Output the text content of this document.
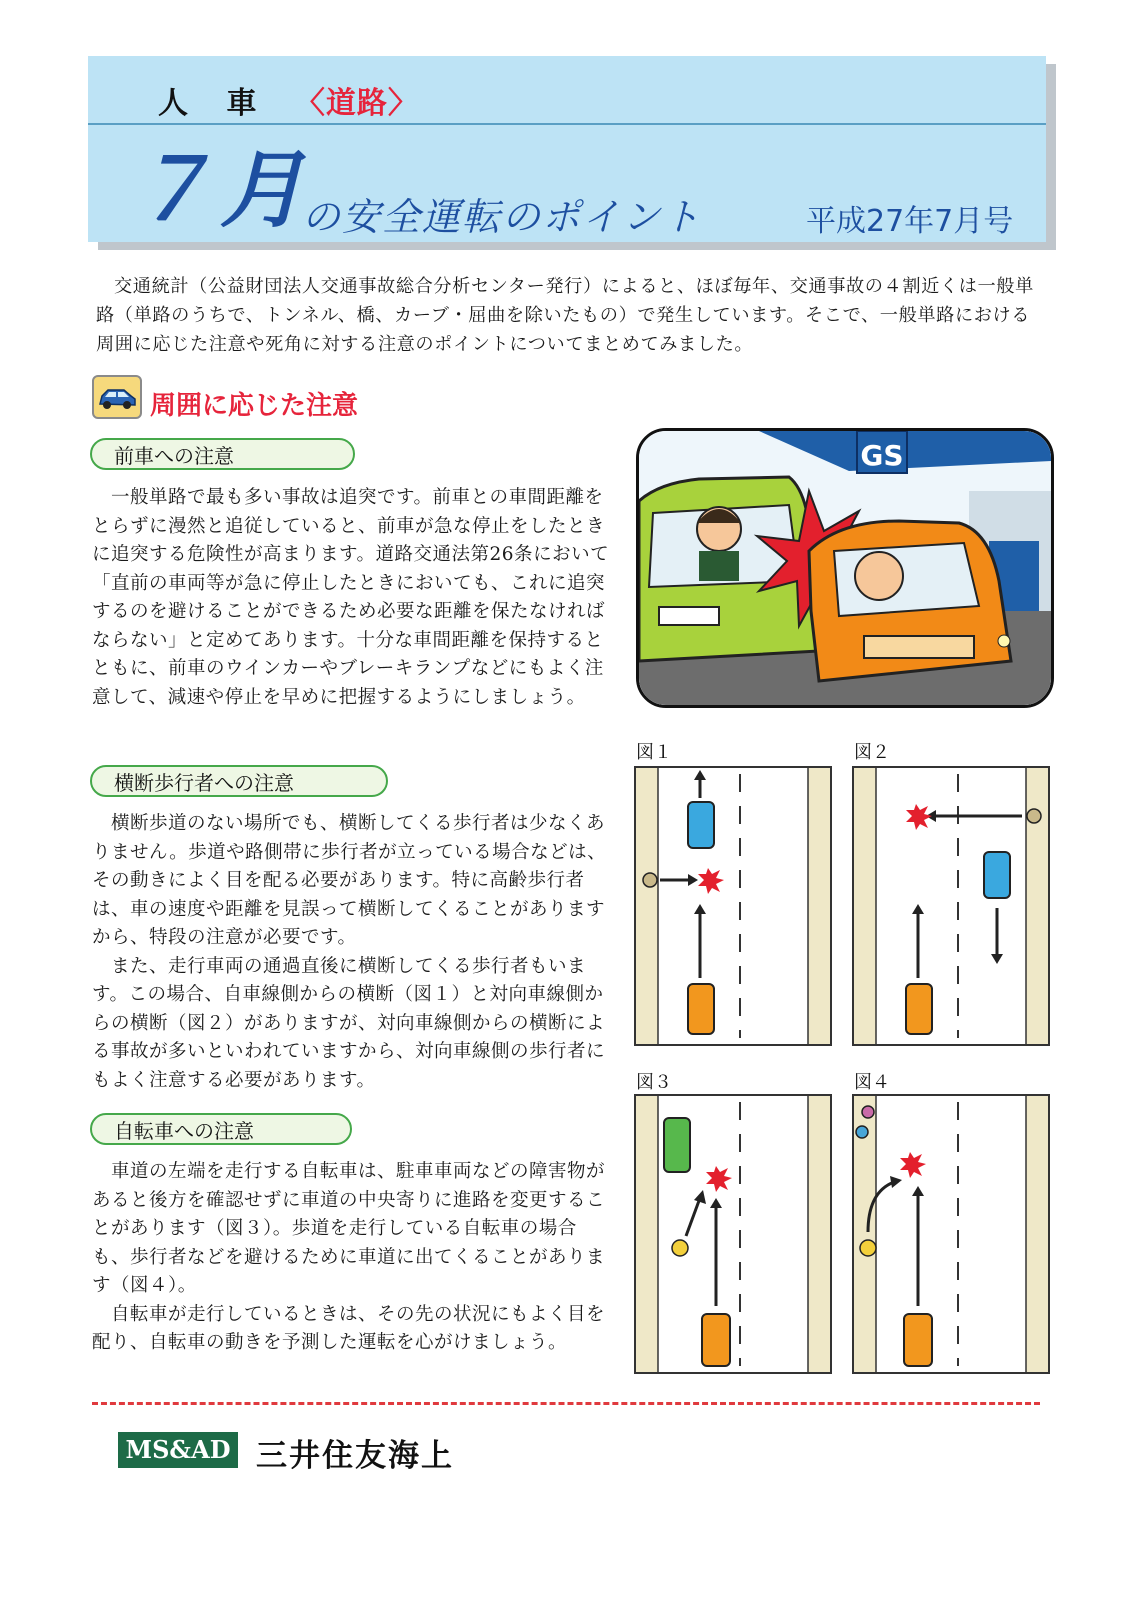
人 車 〈道路〉
７月
の安全運転のポイント	平成27年7月号

交通統計（公益財団法人交通事故総合分析センター発行）によると、ほぼ毎年、交通事故の４割近くは一般単路（単路のうちで、トンネル、橋、カーブ・屈曲を除いたもの）で発生しています。そこで、一般単路における周囲に応じた注意や死角に対する注意のポイントについてまとめてみました。

周囲に応じた注意
前車への注意

一般単路で最も多い事故は追突です。前車との車間距離をとらずに漫然と追従していると、前車が急な停止をしたときに追突する危険性が高まります。道路交通法第26条において「直前の車両等が急に停止したときにおいても、これに追突するのを避けることができるため必要な距離を保たなければならない」と定めてあります。十分な車間距離を保持するとともに、前車のウインカーやブレーキランプなどにもよく注意して、減速や停止を早めに把握するようにしましょう。

横断歩行者への注意

横断歩道のない場所でも、横断してくる歩行者は少なくありません。歩道や路側帯に歩行者が立っている場合などは、その動きによく目を配る必要があります。特に高齢歩行者は、車の速度や距離を見誤って横断してくることがありますから、特段の注意が必要です。
また、走行車両の通過直後に横断してくる歩行者もいます。この場合、自車線側からの横断（図１）と対向車線側からの横断（図２）がありますが、対向車線側からの横断による事故が多いといわれていますから、対向車線側の歩行者にもよく注意する必要があります。

自転車への注意

車道の左端を走行する自転車は、駐車車両などの障害物があると後方を確認せずに車道の中央寄りに進路を変更することがあります（図３）。歩道を走行している自転車の場合も、歩行者などを避けるために車道に出てくることがあります（図４）。
自転車が走行しているときは、その先の状況にもよく目を配り、自転車の動きを予測した運転を心がけましょう。

GS
図１	図２
図３	図４
MS&AD 三井住友海上
